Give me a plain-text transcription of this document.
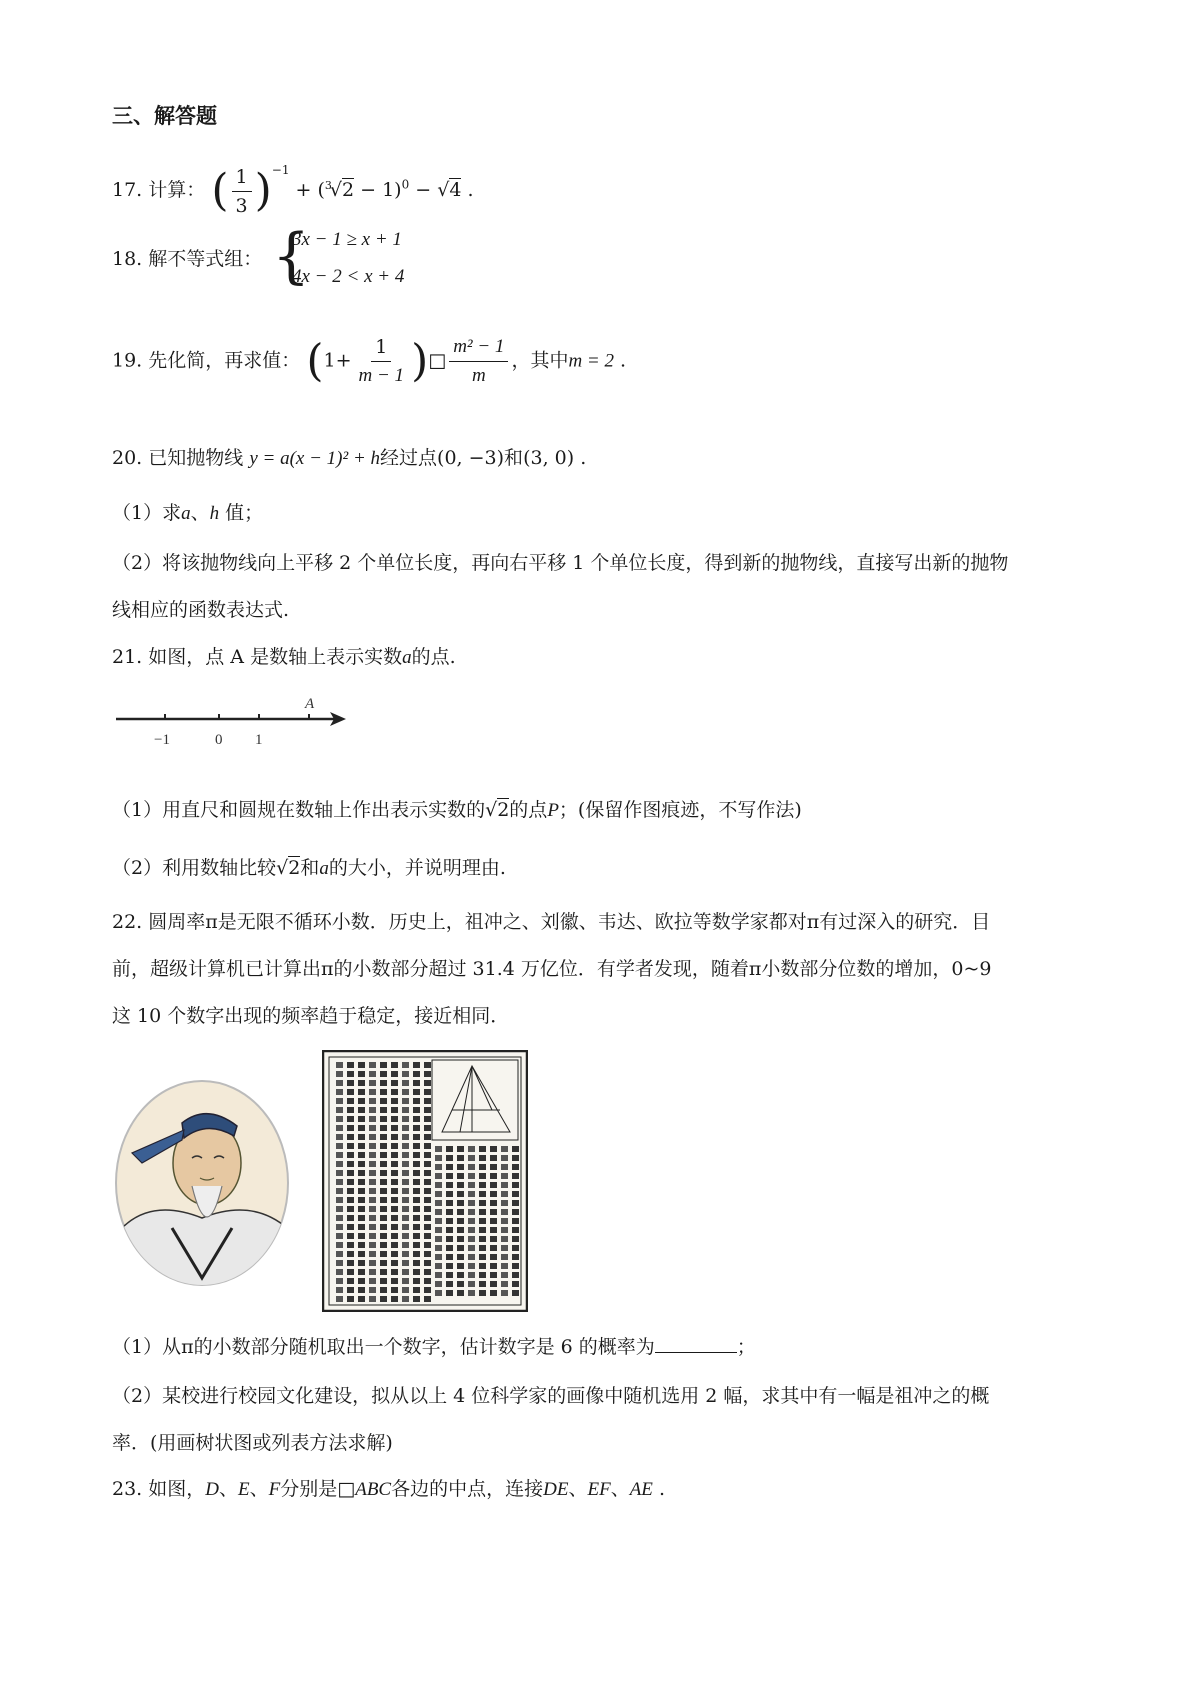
三、解答题
17. 计算： ( $\frac{1}{3} )^{-1} + (^3√2 - 1)^0 - √4$ .
18. 解不等式组： {
3x − 1 ≥ x + 1
4x − 2 < x + 4
19. 先化简，再求值： ($1+ \frac{1}{m - 1}$ )□ $\frac{\text{m² − 1}}{m}$ ，其中m = 2 .
20. 已知抛物线 y = a(x − 1)² + h经过点(0, −3)和(3, 0) .
（1）求a、h 值；
（2）将该抛物线向上平移 2 个单位长度，再向右平移 1 个单位长度，得到新的抛物线，直接写出新的抛物
线相应的函数表达式.
21. 如图，点 A 是数轴上表示实数a的点.
A
−1	0 1
（1）用直尺和圆规在数轴上作出表示实数的√2的点P；(保留作图痕迹，不写作法)
（2）利用数轴比较√2和a的大小，并说明理由.
22. 圆周率π是无限不循环小数．历史上，祖冲之、刘徽、韦达、欧拉等数学家都对π有过深入的研究．目
前，超级计算机已计算出π的小数部分超过 31.4 万亿位．有学者发现，随着π小数部分位数的增加，0~9
这 10 个数字出现的频率趋于稳定，接近相同．
（1）从π的小数部分随机取出一个数字，估计数字是 6 的概率为	；
（2）某校进行校园文化建设，拟从以上 4 位科学家的画像中随机选用 2 幅，求其中有一幅是祖冲之的概
率．(用画树状图或列表方法求解)
23. 如图，D、E、F分别是□ABC各边的中点，连接DE、EF、AE .
